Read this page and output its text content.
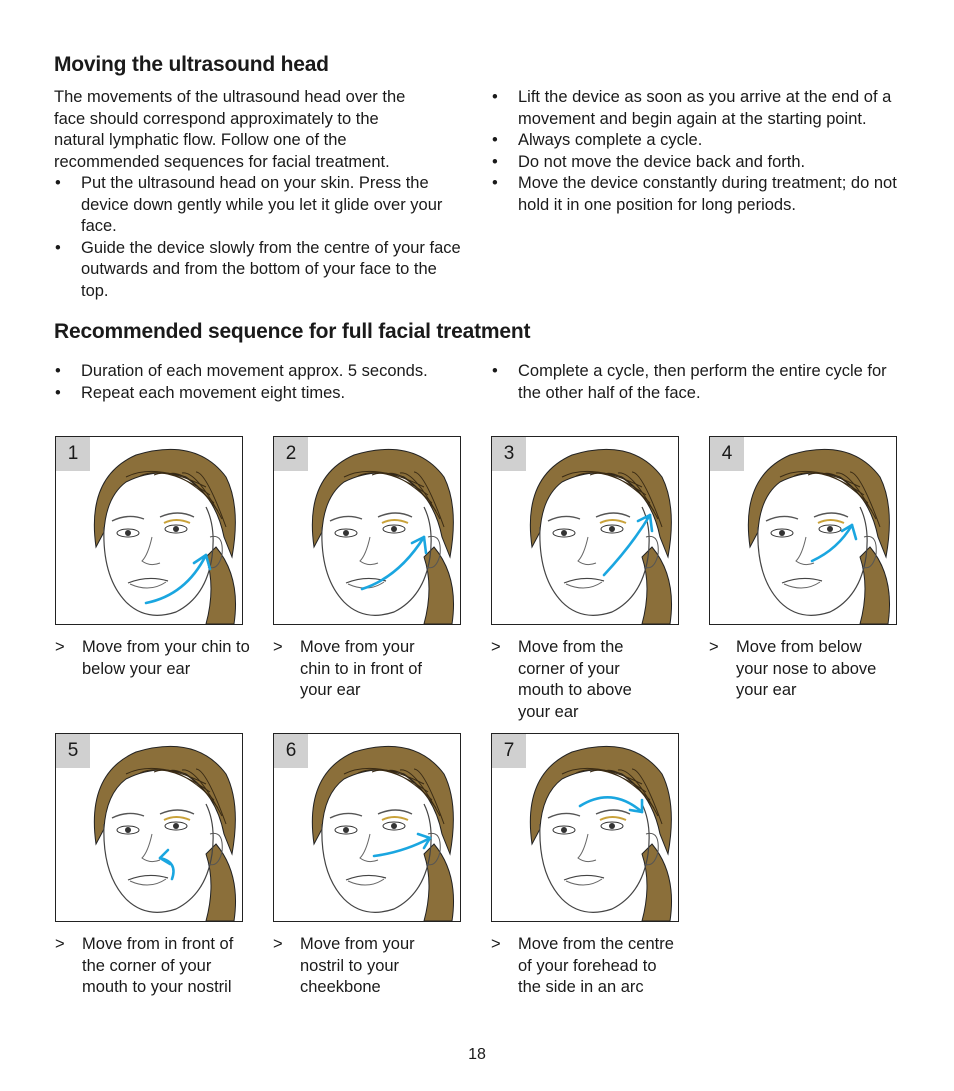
Moving the ultrasound head
The movements of the ultrasound head over the face should correspond approximately to the natural lymphatic flow. Follow one of the recommended sequences for facial treatment.
• Put the ultrasound head on your skin. Press the device down gently while you let it glide over your face.
• Guide the device slowly from the centre of your face outwards and from the bottom of your face to the top.
• Lift the device as soon as you arrive at the end of a movement and begin again at the starting point.
• Always complete a cycle.
• Do not move the device back and forth.
• Move the device constantly during treatment; do not hold it in one position for long periods.
Recommended sequence for full facial treatment
• Duration of each movement approx. 5 seconds.
• Repeat each movement eight times.
• Complete a cycle, then perform the entire cycle for the other half of the face.
1
> Move from your chin to below your ear
2
> Move from your chin to in front of your ear
3
> Move from the corner of your mouth to above your ear
4
> Move from below your nose to above your ear
5
> Move from in front of the corner of your mouth to your nostril
6
> Move from your nostril to your cheekbone
7
> Move from the centre of your forehead to the side in an arc
18
